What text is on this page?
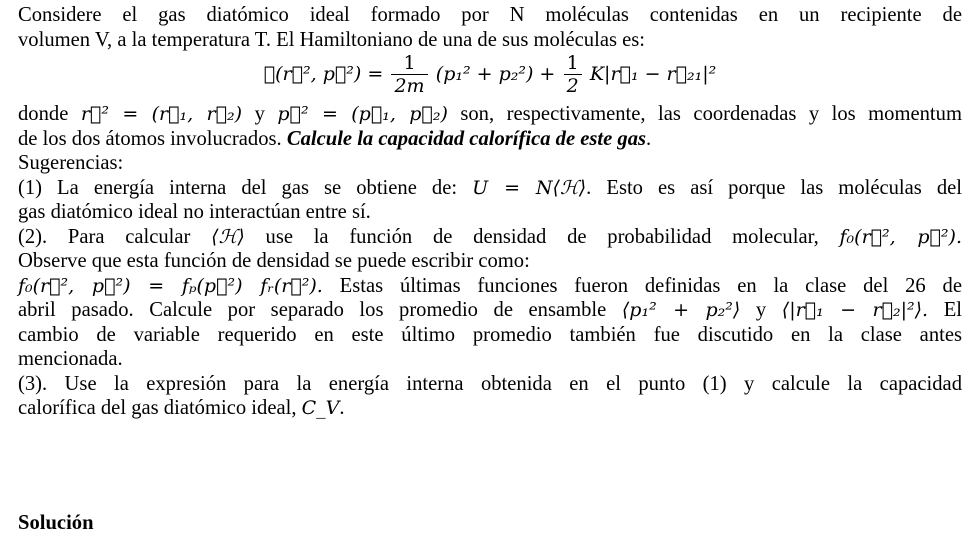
Considere el gas diatómico ideal formado por N moléculas contenidas en un recipiente de
volumen V, a la temperatura T. El Hamiltoniano de una de sus moléculas es:
ℋ(r⃗², p⃗²) = $\frac{1}{2m} (p_1^2 + p_2^2) + \frac{1}{2}$ K|r⃗₁ − r⃗₂₁|²
donde r⃗² = (r⃗₁, r⃗₂) y p⃗² = (p⃗₁, p⃗₂) son, respectivamente, las coordenadas y los momentum
de los dos átomos involucrados. Calcule la capacidad calorífica de este gas.
Sugerencias:
(1) La energía interna del gas se obtiene de: U = N⟨ℋ⟩. Esto es así porque las moléculas del
gas diatómico ideal no interactúan entre sí.
(2). Para calcular ⟨ℋ⟩ use la función de densidad de probabilidad molecular, f₀(r⃗², p⃗²).
Observe que esta función de densidad se puede escribir como:
f₀(r⃗², p⃗²) = fₚ(p⃗²) fᵣ(r⃗²). Estas últimas funciones fueron definidas en la clase del 26 de
abril pasado. Calcule por separado los promedio de ensamble ⟨p₁² + p₂²⟩ y ⟨|r⃗₁ − r⃗₂|²⟩. El
cambio de variable requerido en este último promedio también fue discutido en la clase antes
mencionada.
(3). Use la expresión para la energía interna obtenida en el punto (1) y calcule la capacidad
calorífica del gas diatómico ideal, C_V.
Solución
